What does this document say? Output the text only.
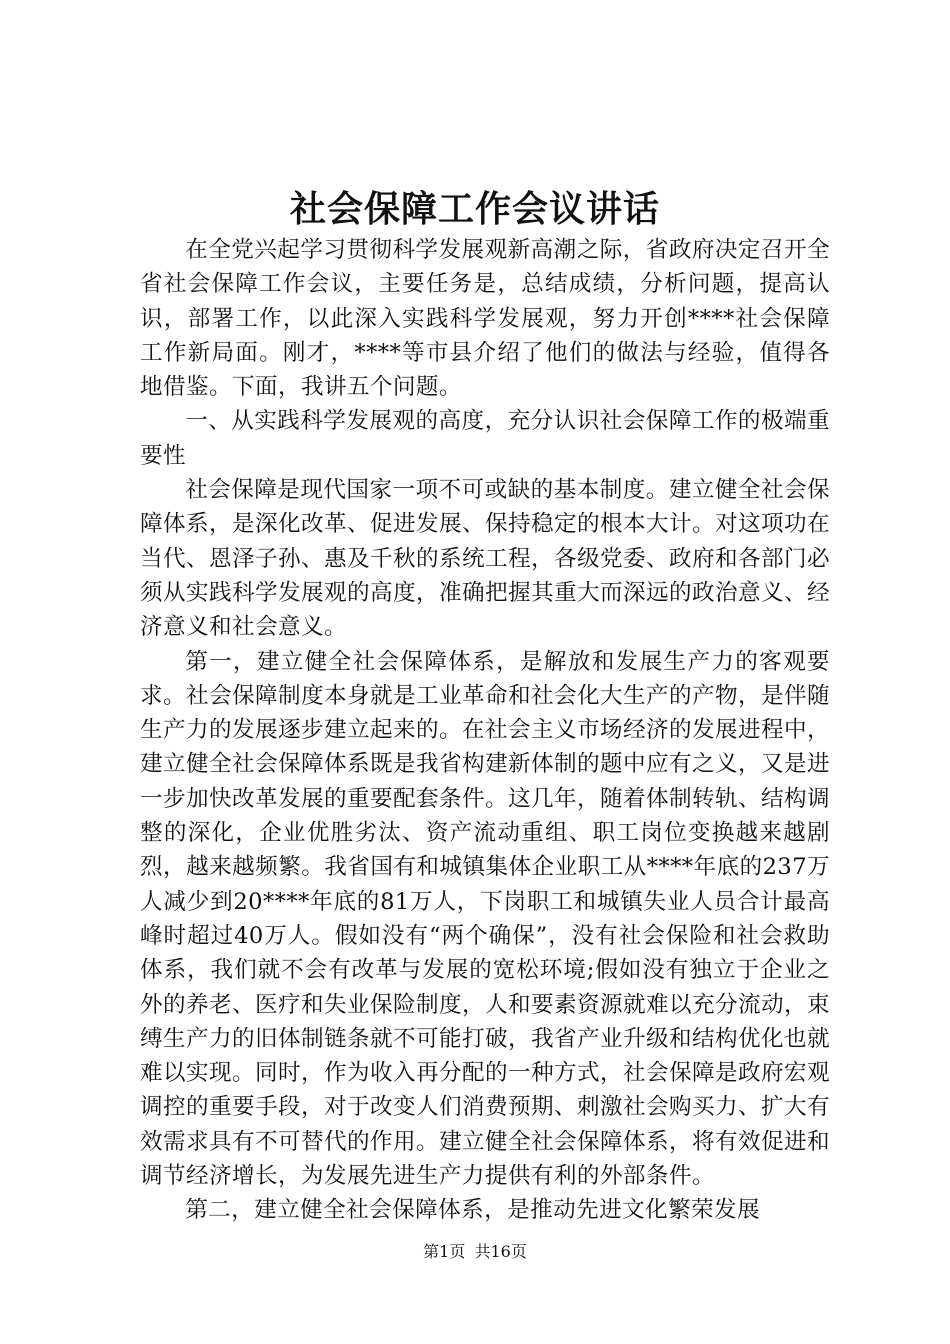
社会保障工作会议讲话

在全党兴起学习贯彻科学发展观新高潮之际，省政府决定召开全省社会保障工作会议，主要任务是，总结成绩，分析问题，提高认识，部署工作，以此深入实践科学发展观，努力开创****社会保障工作新局面。刚才，****等市县介绍了他们的做法与经验，值得各地借鉴。下面，我讲五个问题。

一、从实践科学发展观的高度，充分认识社会保障工作的极端重要性

社会保障是现代国家一项不可或缺的基本制度。建立健全社会保障体系，是深化改革、促进发展、保持稳定的根本大计。对这项功在当代、恩泽子孙、惠及千秋的系统工程，各级党委、政府和各部门必须从实践科学发展观的高度，准确把握其重大而深远的政治意义、经济意义和社会意义。

第一，建立健全社会保障体系，是解放和发展生产力的客观要求。社会保障制度本身就是工业革命和社会化大生产的产物，是伴随生产力的发展逐步建立起来的。在社会主义市场经济的发展进程中，建立健全社会保障体系既是我省构建新体制的题中应有之义，又是进一步加快改革发展的重要配套条件。这几年，随着体制转轨、结构调整的深化，企业优胜劣汰、资产流动重组、职工岗位变换越来越剧烈，越来越频繁。我省国有和城镇集体企业职工从****年底的237万人减少到20****年底的81万人，下岗职工和城镇失业人员合计最高峰时超过40万人。假如没有“两个确保”，没有社会保险和社会救助体系，我们就不会有改革与发展的宽松环境;假如没有独立于企业之外的养老、医疗和失业保险制度，人和要素资源就难以充分流动，束缚生产力的旧体制链条就不可能打破，我省产业升级和结构优化也就难以实现。同时，作为收入再分配的一种方式，社会保障是政府宏观调控的重要手段，对于改变人们消费预期、刺激社会购买力、扩大有效需求具有不可替代的作用。建立健全社会保障体系，将有效促进和调节经济增长，为发展先进生产力提供有利的外部条件。

第二，建立健全社会保障体系，是推动先进文化繁荣发展

第1页 共16页
